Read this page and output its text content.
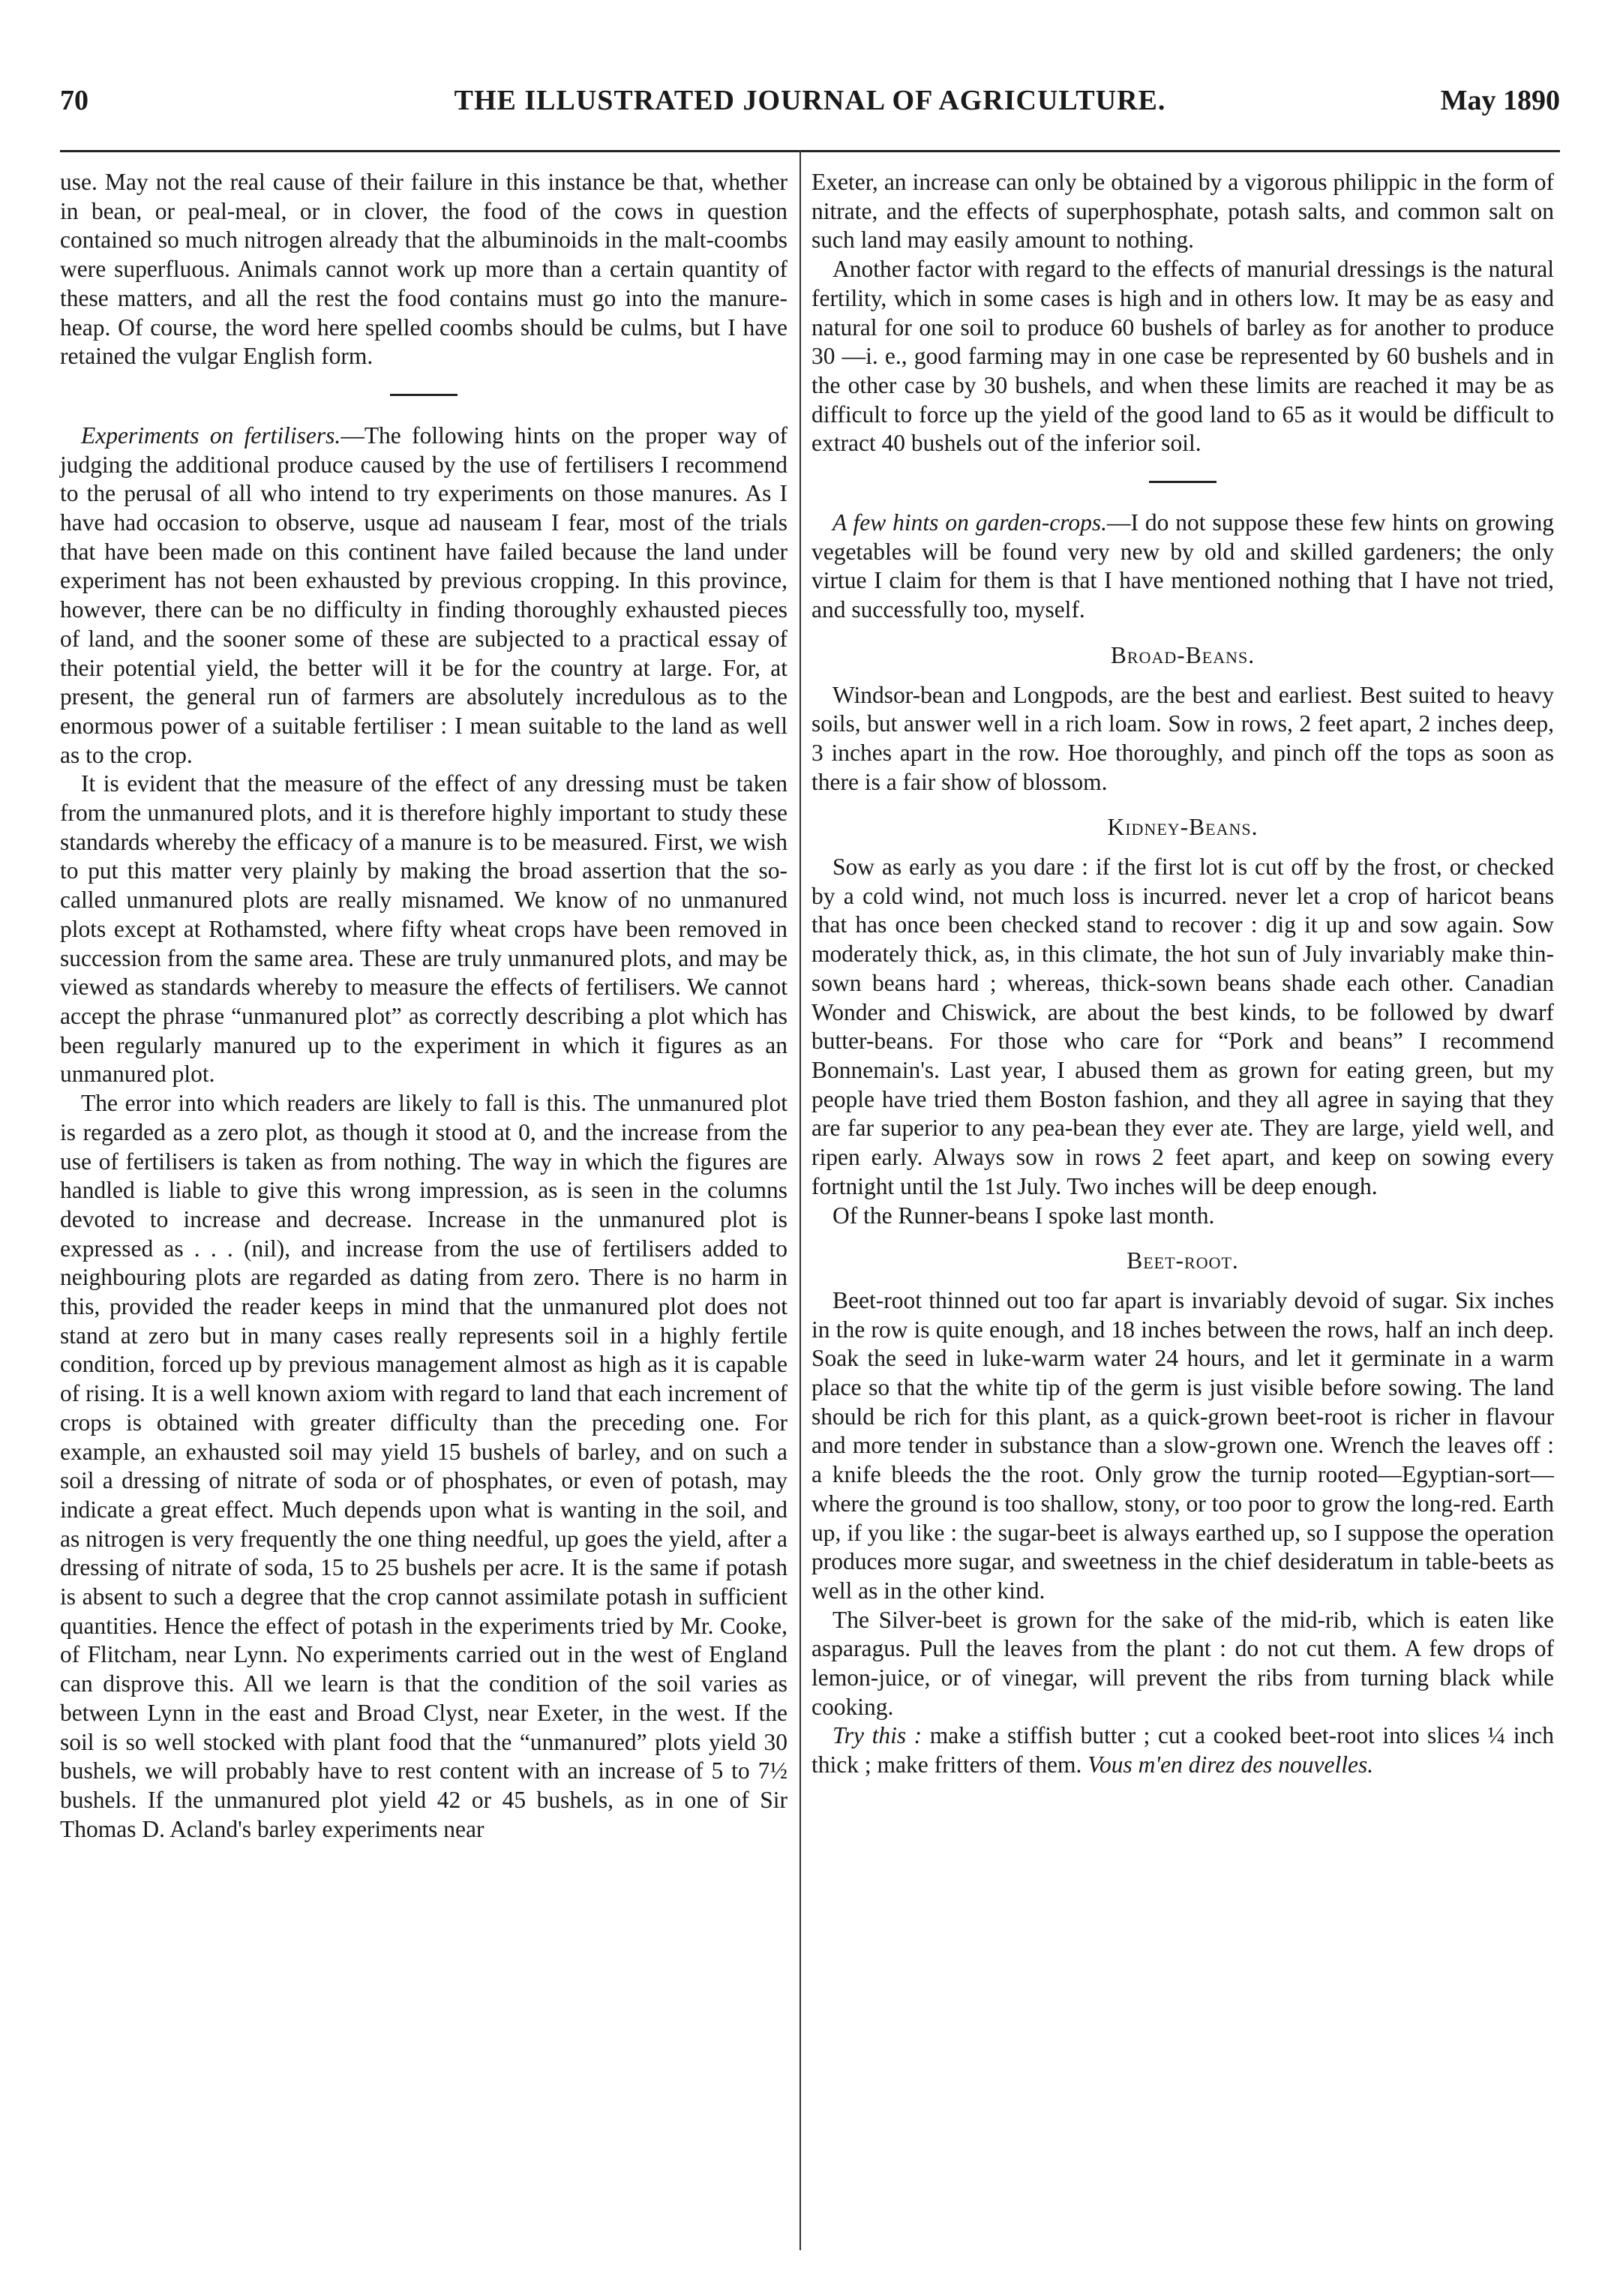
70	THE ILLUSTRATED JOURNAL OF AGRICULTURE.	May 1890

use. May not the real cause of their failure in this instance be that, whether in bean, or peal-meal, or in clover, the food of the cows in question contained so much nitrogen already that the albuminoids in the malt-coombs were superfluous. Animals cannot work up more than a certain quantity of these matters, and all the rest the food contains must go into the manure-heap. Of course, the word here spelled coombs should be culms, but I have retained the vulgar English form.

Experiments on fertilisers.—The following hints on the proper way of judging the additional produce caused by the use of fertilisers I recommend to the perusal of all who intend to try experiments on those manures. As I have had occasion to observe, usque ad nauseam I fear, most of the trials that have been made on this continent have failed because the land under experiment has not been exhausted by previous cropping. In this province, however, there can be no difficulty in finding thoroughly exhausted pieces of land, and the sooner some of these are subjected to a practical essay of their potential yield, the better will it be for the country at large. For, at present, the general run of farmers are absolutely incredulous as to the enormous power of a suitable fertiliser : I mean suitable to the land as well as to the crop.

It is evident that the measure of the effect of any dressing must be taken from the unmanured plots, and it is therefore highly important to study these standards whereby the efficacy of a manure is to be measured. First, we wish to put this matter very plainly by making the broad assertion that the so-called unmanured plots are really misnamed. We know of no unmanured plots except at Rothamsted, where fifty wheat crops have been removed in succession from the same area. These are truly unmanured plots, and may be viewed as standards whereby to measure the effects of fertilisers. We cannot accept the phrase “unmanured plot” as correctly describing a plot which has been regularly manured up to the experiment in which it figures as an unmanured plot.

The error into which readers are likely to fall is this. The unmanured plot is regarded as a zero plot, as though it stood at 0, and the increase from the use of fertilisers is taken as from nothing. The way in which the figures are handled is liable to give this wrong impression, as is seen in the columns devoted to increase and decrease. Increase in the unmanured plot is expressed as . . . (nil), and increase from the use of fertilisers added to neighbouring plots are regarded as dating from zero. There is no harm in this, provided the reader keeps in mind that the unmanured plot does not stand at zero but in many cases really represents soil in a highly fertile condition, forced up by previous management almost as high as it is capable of rising. It is a well known axiom with regard to land that each increment of crops is obtained with greater difficulty than the preceding one. For example, an exhausted soil may yield 15 bushels of barley, and on such a soil a dressing of nitrate of soda or of phosphates, or even of potash, may indicate a great effect. Much depends upon what is wanting in the soil, and as nitrogen is very frequently the one thing needful, up goes the yield, after a dressing of nitrate of soda, 15 to 25 bushels per acre. It is the same if potash is absent to such a degree that the crop cannot assimilate potash in sufficient quantities. Hence the effect of potash in the experiments tried by Mr. Cooke, of Flitcham, near Lynn. No experiments carried out in the west of England can disprove this. All we learn is that the condition of the soil varies as between Lynn in the east and Broad Clyst, near Exeter, in the west. If the soil is so well stocked with plant food that the “unmanured” plots yield 30 bushels, we will probably have to rest content with an increase of 5 to 7½ bushels. If the unmanured plot yield 42 or 45 bushels, as in one of Sir Thomas D. Acland's barley experiments near

Exeter, an increase can only be obtained by a vigorous philippic in the form of nitrate, and the effects of superphosphate, potash salts, and common salt on such land may easily amount to nothing.

Another factor with regard to the effects of manurial dressings is the natural fertility, which in some cases is high and in others low. It may be as easy and natural for one soil to produce 60 bushels of barley as for another to produce 30 —i. e., good farming may in one case be represented by 60 bushels and in the other case by 30 bushels, and when these limits are reached it may be as difficult to force up the yield of the good land to 65 as it would be difficult to extract 40 bushels out of the inferior soil.

A few hints on garden-crops.—I do not suppose these few hints on growing vegetables will be found very new by old and skilled gardeners; the only virtue I claim for them is that I have mentioned nothing that I have not tried, and successfully too, myself.

Broad-Beans.

Windsor-bean and Longpods, are the best and earliest. Best suited to heavy soils, but answer well in a rich loam. Sow in rows, 2 feet apart, 2 inches deep, 3 inches apart in the row. Hoe thoroughly, and pinch off the tops as soon as there is a fair show of blossom.

Kidney-Beans.

Sow as early as you dare : if the first lot is cut off by the frost, or checked by a cold wind, not much loss is incurred. never let a crop of haricot beans that has once been checked stand to recover : dig it up and sow again. Sow moderately thick, as, in this climate, the hot sun of July invariably make thin-sown beans hard ; whereas, thick-sown beans shade each other. Canadian Wonder and Chiswick, are about the best kinds, to be followed by dwarf butter-beans. For those who care for “Pork and beans” I recommend Bonnemain's. Last year, I abused them as grown for eating green, but my people have tried them Boston fashion, and they all agree in saying that they are far superior to any pea-bean they ever ate. They are large, yield well, and ripen early. Always sow in rows 2 feet apart, and keep on sowing every fortnight until the 1st July. Two inches will be deep enough.

Of the Runner-beans I spoke last month.

Beet-root.

Beet-root thinned out too far apart is invariably devoid of sugar. Six inches in the row is quite enough, and 18 inches between the rows, half an inch deep. Soak the seed in luke-warm water 24 hours, and let it germinate in a warm place so that the white tip of the germ is just visible before sowing. The land should be rich for this plant, as a quick-grown beet-root is richer in flavour and more tender in substance than a slow-grown one. Wrench the leaves off : a knife bleeds the the root. Only grow the turnip rooted—Egyptian-sort—where the ground is too shallow, stony, or too poor to grow the long-red. Earth up, if you like : the sugar-beet is always earthed up, so I suppose the operation produces more sugar, and sweetness in the chief desideratum in table-beets as well as in the other kind.

The Silver-beet is grown for the sake of the mid-rib, which is eaten like asparagus. Pull the leaves from the plant : do not cut them. A few drops of lemon-juice, or of vinegar, will prevent the ribs from turning black while cooking.

Try this : make a stiffish butter ; cut a cooked beet-root into slices ¼ inch thick ; make fritters of them. Vous m'en direz des nouvelles.
